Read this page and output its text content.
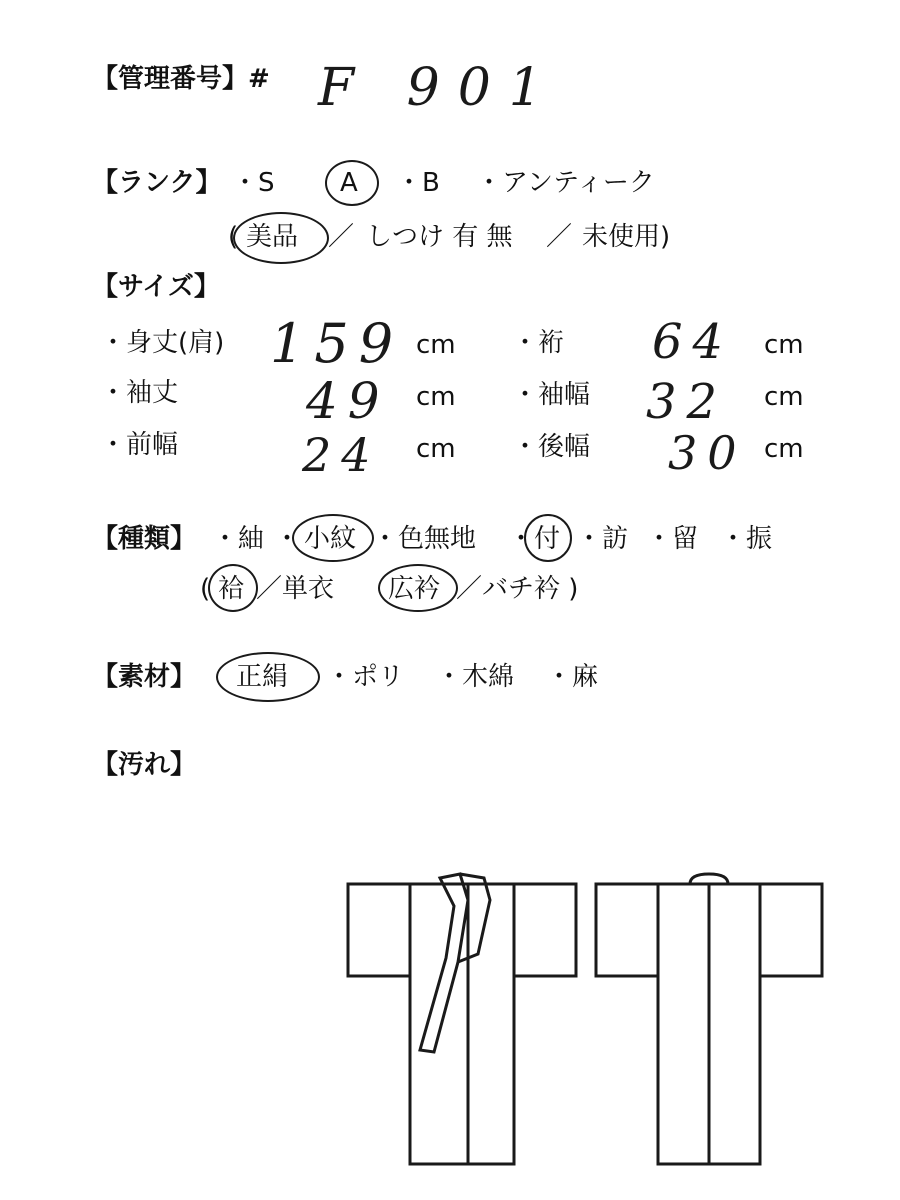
【管理番号】# F 901
【ランク】 ・S	A ・B ・アンティーク
( 美品 ／ しつけ 有 無 ／ 未使用)
【サイズ】
・身丈(肩) 159 cm ・裄 64 cm
・袖丈	49 cm ・袖幅 32 cm
・前幅	24 cm ・後幅 30 cm
【種類】 ・紬 ・ 小紋 ・色無地 ・ 付 ・訪 ・留 ・振
( 袷 ／単衣 広衿 ／バチ衿 )
【素材】 正絹 ・ポリ ・木綿 ・麻
【汚れ】
